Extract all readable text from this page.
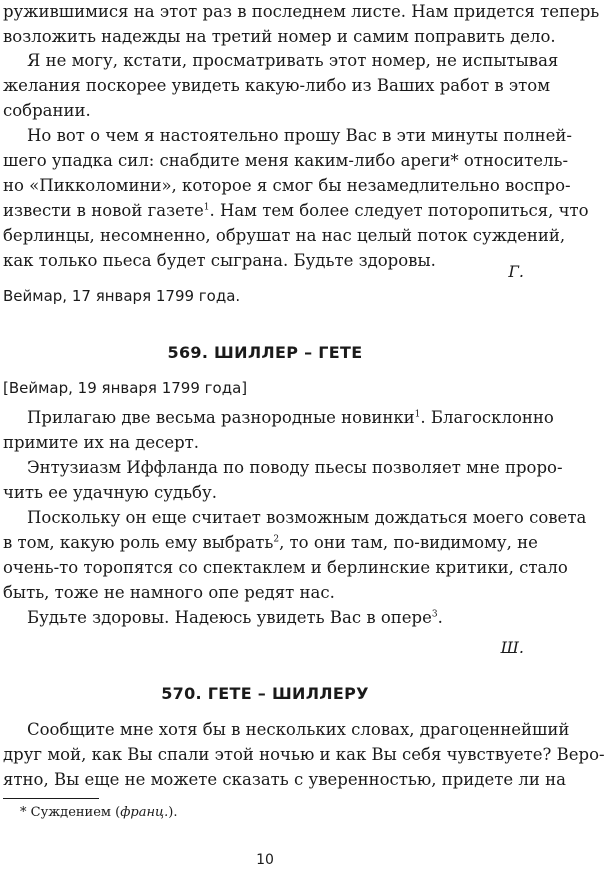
ружившимися на этот раз в последнем листе. Нам придется теперь
возложить надежды на третий номер и самим поправить дело.
Я не могу, кстати, просматривать этот номер, не испытывая
желания поскорее увидеть какую-либо из Ваших работ в этом
собрании.
Но вот о чем я настоятельно прошу Вас в эти минуты полней-
шего упадка сил: снабдите меня каким-либо ареги* относитель-
но «Пикколомини», которое я смог бы незамедлительно воспро-
извести в новой газете$^1$. Нам тем более следует поторопиться, что
берлинцы, несомненно, обрушат на нас целый поток суждений,
как только пьеса будет сыграна. Будьте здоровы.
Г.
Веймар, 17 января 1799 года.
569. ШИЛЛЕР – ГЕТЕ
[Веймар, 19 января 1799 года]
Прилагаю две весьма разнородные новинки$^1$. Благосклонно
примите их на десерт.
Энтузиазм Иффланда по поводу пьесы позволяет мне проро-
чить ее удачную судьбу.
Поскольку он еще считает возможным дождаться моего совета
в том, какую роль ему выбрать$^2$, то они там, по-видимому, не
очень-то торопятся со спектаклем и берлинские критики, стало
быть, тоже не намного опе редят нас.
Будьте здоровы. Надеюсь увидеть Вас в опере$^3$.
Ш.
570. ГЕТЕ – ШИЛЛЕРУ
Сообщите мне хотя бы в нескольких словах, драгоценнейший
друг мой, как Вы спали этой ночью и как Вы себя чувствуете? Веро-
ятно, Вы еще не можете сказать с уверенностью, придете ли на
* Суждением (франц.).
10
